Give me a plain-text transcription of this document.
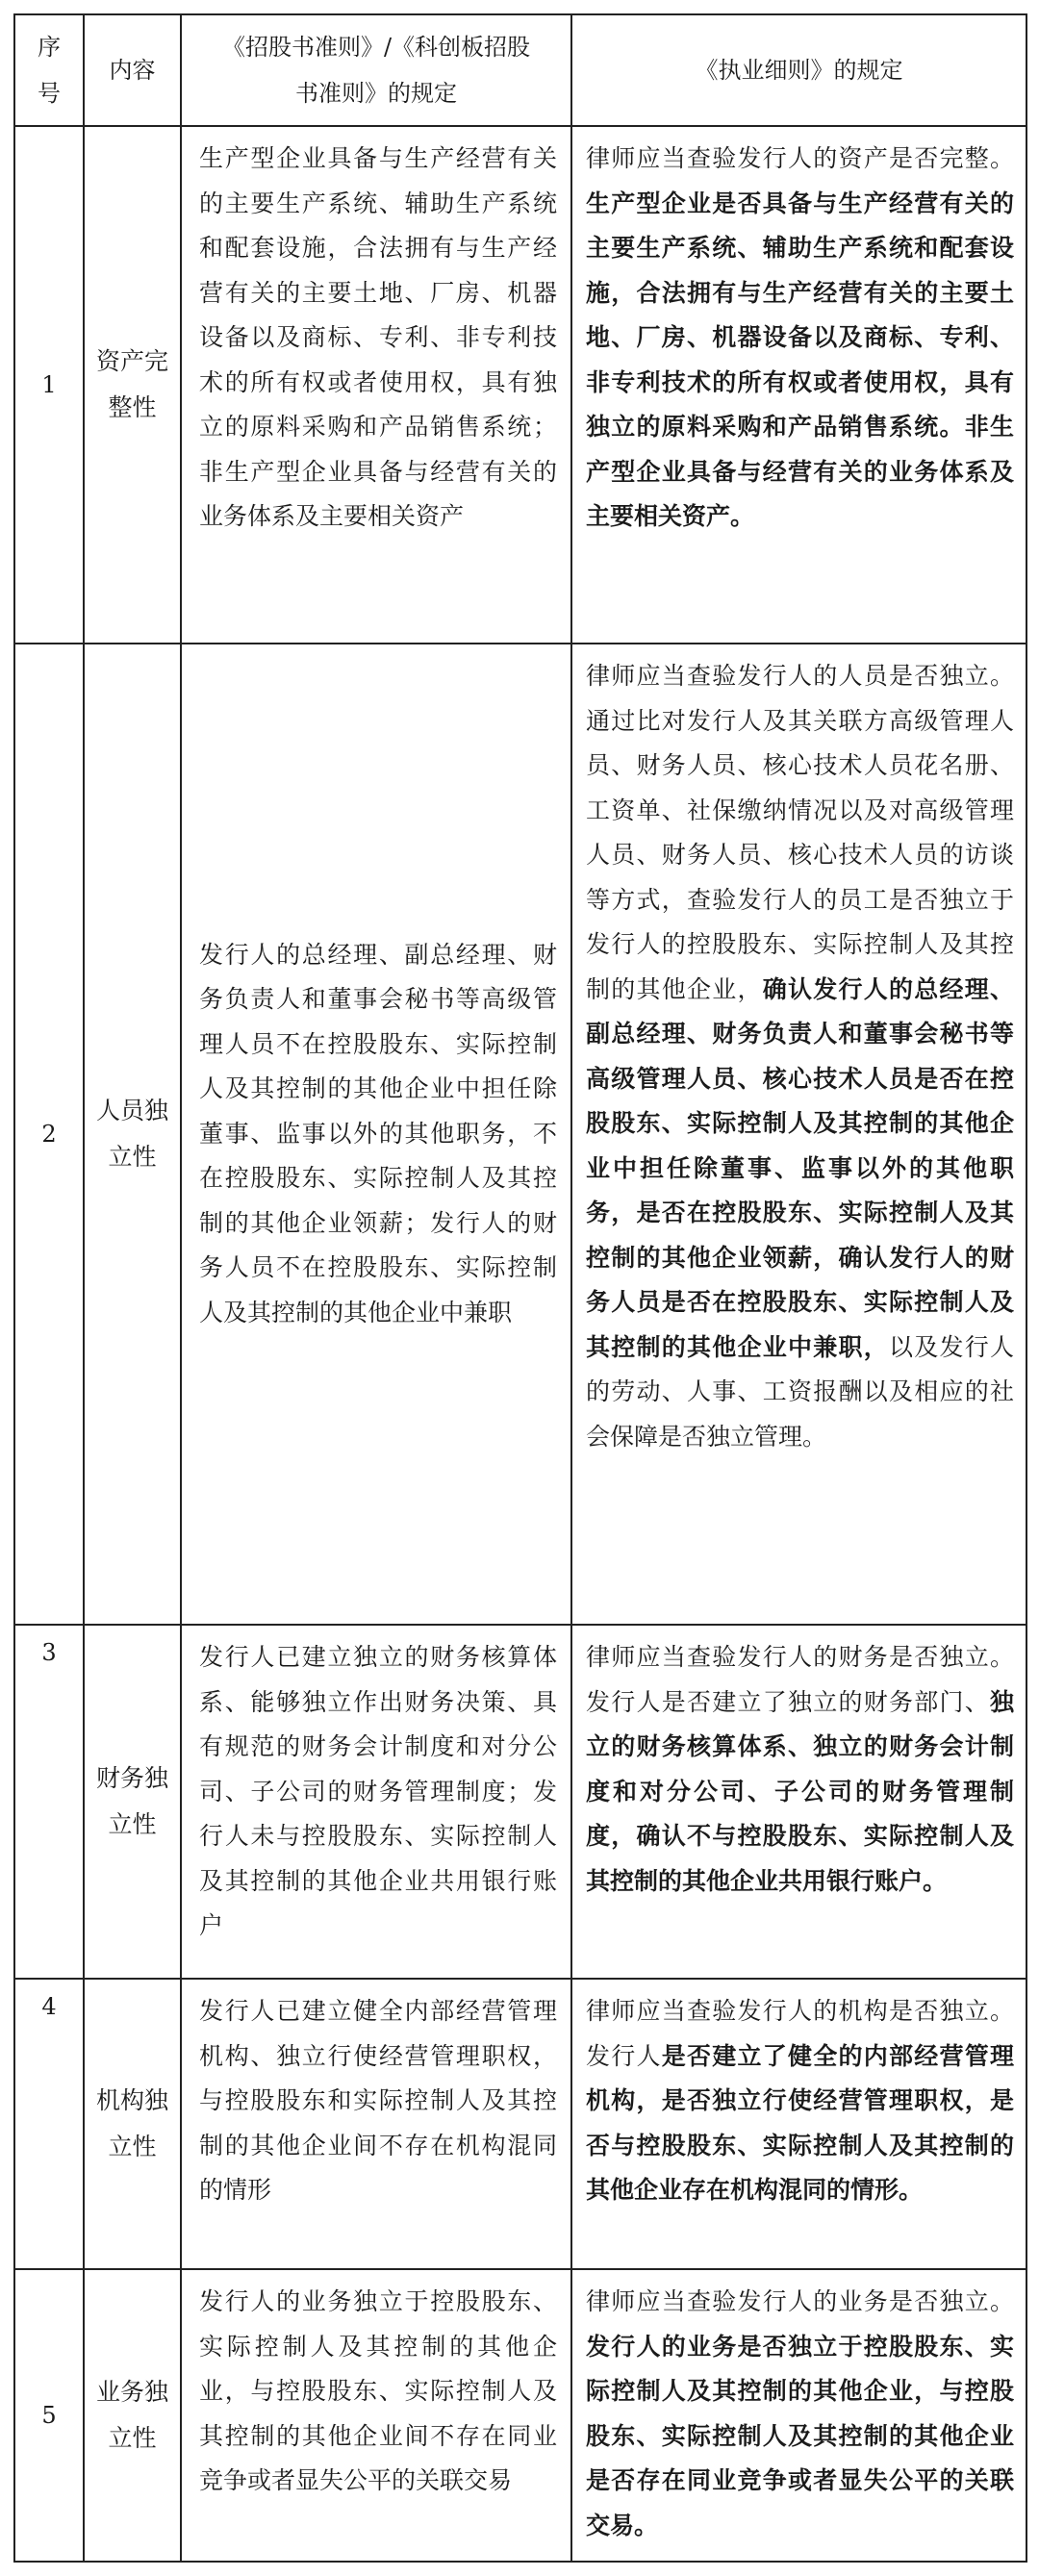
序号	内容	《招股书准则》/《科创板招股书准则》的规定	《执业细则》的规定
1	资产完整性	生产型企业具备与生产经营有关的主要生产系统、辅助生产系统和配套设施，合法拥有与生产经营有关的主要土地、厂房、机器设备以及商标、专利、非专利技术的所有权或者使用权，具有独立的原料采购和产品销售系统；非生产型企业具备与经营有关的业务体系及主要相关资产	律师应当查验发行人的资产是否完整。生产型企业是否具备与生产经营有关的主要生产系统、辅助生产系统和配套设施，合法拥有与生产经营有关的主要土地、厂房、机器设备以及商标、专利、非专利技术的所有权或者使用权，具有独立的原料采购和产品销售系统。非生产型企业具备与经营有关的业务体系及主要相关资产。
2	人员独立性	发行人的总经理、副总经理、财务负责人和董事会秘书等高级管理人员不在控股股东、实际控制人及其控制的其他企业中担任除董事、监事以外的其他职务，不在控股股东、实际控制人及其控制的其他企业领薪；发行人的财务人员不在控股股东、实际控制人及其控制的其他企业中兼职	律师应当查验发行人的人员是否独立。通过比对发行人及其关联方高级管理人员、财务人员、核心技术人员花名册、工资单、社保缴纳情况以及对高级管理人员、财务人员、核心技术人员的访谈等方式，查验发行人的员工是否独立于发行人的控股股东、实际控制人及其控制的其他企业，确认发行人的总经理、副总经理、财务负责人和董事会秘书等高级管理人员、核心技术人员是否在控股股东、实际控制人及其控制的其他企业中担任除董事、监事以外的其他职务，是否在控股股东、实际控制人及其控制的其他企业领薪，确认发行人的财务人员是否在控股股东、实际控制人及其控制的其他企业中兼职，以及发行人的劳动、人事、工资报酬以及相应的社会保障是否独立管理。
3	财务独立性	发行人已建立独立的财务核算体系、能够独立作出财务决策、具有规范的财务会计制度和对分公司、子公司的财务管理制度；发行人未与控股股东、实际控制人及其控制的其他企业共用银行账户	律师应当查验发行人的财务是否独立。发行人是否建立了独立的财务部门、独立的财务核算体系、独立的财务会计制度和对分公司、子公司的财务管理制度，确认不与控股股东、实际控制人及其控制的其他企业共用银行账户。
4	机构独立性	发行人已建立健全内部经营管理机构、独立行使经营管理职权，与控股股东和实际控制人及其控制的其他企业间不存在机构混同的情形	律师应当查验发行人的机构是否独立。发行人是否建立了健全的内部经营管理机构，是否独立行使经营管理职权，是否与控股股东、实际控制人及其控制的其他企业存在机构混同的情形。
5	业务独立性	发行人的业务独立于控股股东、实际控制人及其控制的其他企业，与控股股东、实际控制人及其控制的其他企业间不存在同业竞争或者显失公平的关联交易	律师应当查验发行人的业务是否独立。发行人的业务是否独立于控股股东、实际控制人及其控制的其他企业，与控股股东、实际控制人及其控制的其他企业是否存在同业竞争或者显失公平的关联交易。
